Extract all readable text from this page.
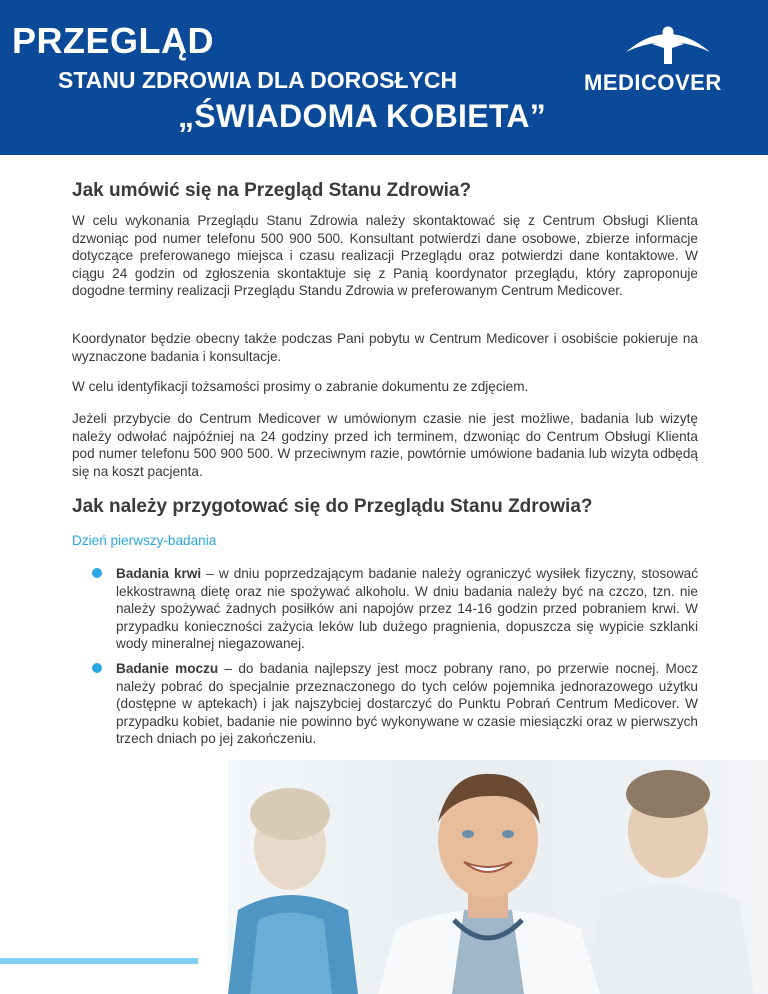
PRZEGLĄD
STANU ZDROWIA DLA DOROSŁYCH
„ŚWIADOMA KOBIETA”
MEDICOVER
Jak umówić się na Przegląd Stanu Zdrowia?

W celu wykonania Przeglądu Stanu Zdrowia należy skontaktować się z Centrum Obsługi Klienta dzwoniąc pod numer telefonu 500 900 500. Konsultant potwierdzi dane osobowe, zbierze informacje dotyczące preferowanego miejsca i czasu realizacji Przeglądu oraz potwierdzi dane kontaktowe. W ciągu 24 godzin od zgłoszenia skontaktuje się z Panią koordynator przeglądu, który zaproponuje dogodne terminy realizacji Przeglądu Standu Zdrowia w preferowanym Centrum Medicover.

Koordynator będzie obecny także podczas Pani pobytu w Centrum Medicover i osobiście pokieruje na wyznaczone badania i konsultacje.

W celu identyfikacji tożsamości prosimy o zabranie dokumentu ze zdjęciem.

Jeżeli przybycie do Centrum Medicover w umówionym czasie nie jest możliwe, badania lub wizytę należy odwołać najpóźniej na 24 godziny przed ich terminem, dzwoniąc do Centrum Obsługi Klienta pod numer telefonu 500 900 500. W przeciwnym razie, powtórnie umówione badania lub wizyta odbędą się na koszt pacjenta.

Jak należy przygotować się do Przeglądu Stanu Zdrowia?
Dzień pierwszy-badania
Badania krwi – w dniu poprzedzającym badanie należy ograniczyć wysiłek fizyczny, stosować lekkostrawną dietę oraz nie spożywać alkoholu. W dniu badania należy być na czczo, tzn. nie należy spożywać żadnych posiłków ani napojów przez 14-16 godzin przed pobraniem krwi. W przypadku konieczności zażycia leków lub dużego pragnienia, dopuszcza się wypicie szklanki wody mineralnej niegazowanej.
Badanie moczu – do badania najlepszy jest mocz pobrany rano, po przerwie nocnej. Mocz należy pobrać do specjalnie przeznaczonego do tych celów pojemnika jednorazowego użytku (dostępne w aptekach) i jak najszybciej dostarczyć do Punktu Pobrań Centrum Medicover. W przypadku kobiet, badanie nie powinno być wykonywane w czasie miesiączki oraz w pierwszych trzech dniach po jej zakończeniu.
